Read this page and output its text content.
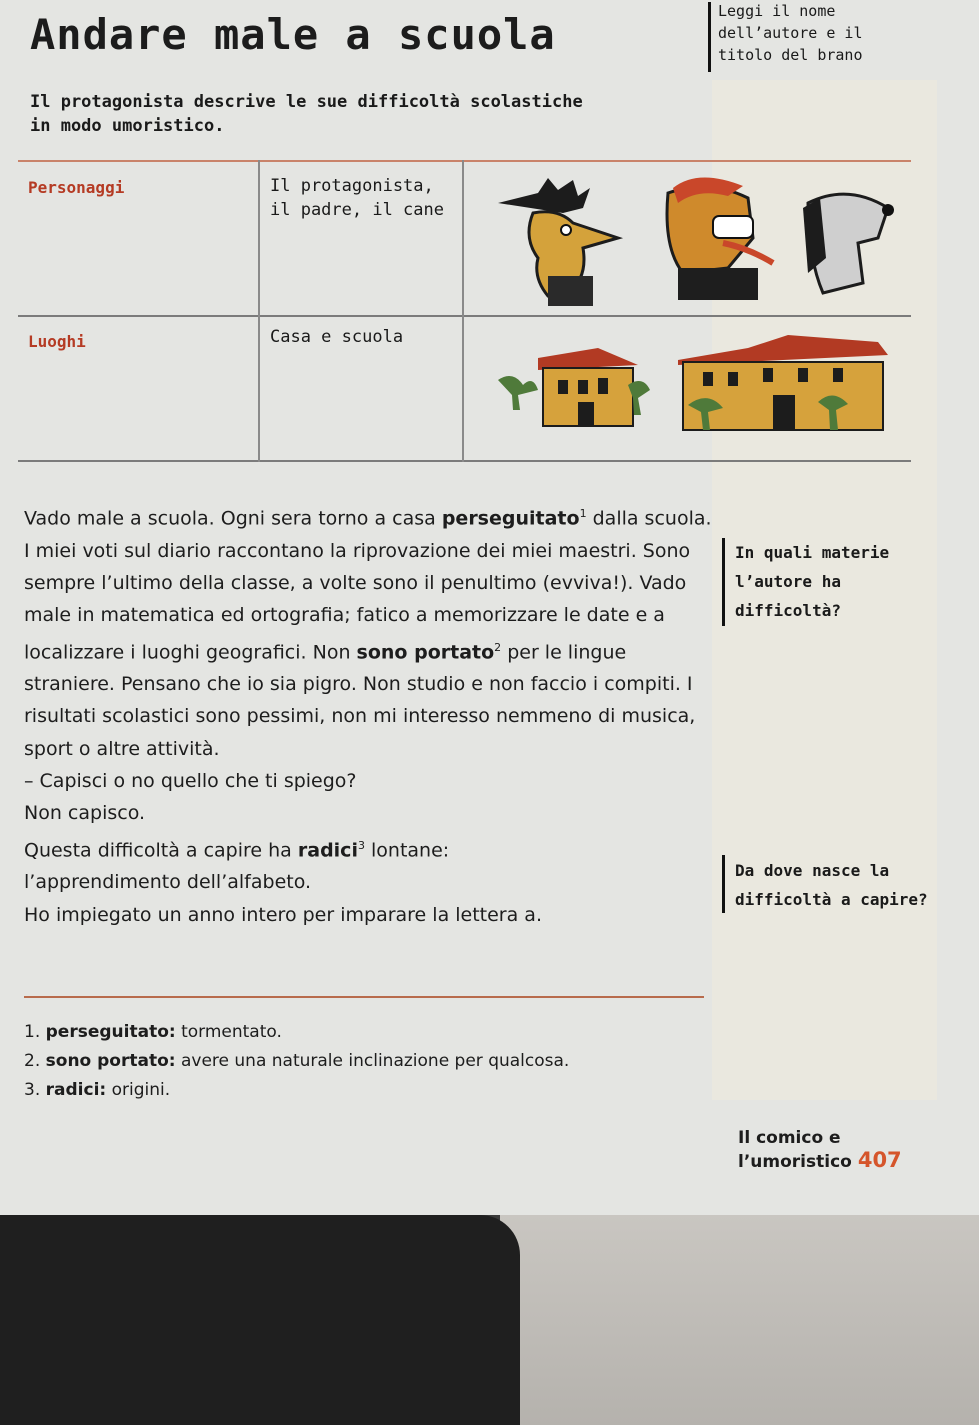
Andare male a scuola	Leggi il nome
dell’autore e il
titolo del brano
Il protagonista descrive le sue difficoltà scolastiche
in modo umoristico.
Personaggi	Il protagonista,
il padre, il cane
Luoghi	Casa e scuola

Vado male a scuola. Ogni sera torno a casa perseguitato$^1$ dalla scuola. I miei voti sul diario raccontano la riprovazione dei miei maestri. Sono sempre l’ultimo della classe, a volte sono il penultimo (evviva!). Vado male in matematica ed ortografia; fatico a memorizzare le date e a localizzare i luoghi geografici. Non sono portato$^2$ per le lingue straniere. Pensano che io sia pigro. Non studio e non faccio i compiti. I risultati scolastici sono pessimi, non mi interesso nemmeno di musica, sport o altre attività.

– Capisci o no quello che ti spiego?

Non capisco.

Questa difficoltà a capire ha radici$^3$ lontane:

l’apprendimento dell’alfabeto.

Ho impiegato un anno intero per imparare la lettera a.

In quali materie
l’autore ha
difficoltà?
Da dove nasce la
difficoltà a capire?

1. perseguitato: tormentato.

2. sono portato: avere una naturale inclinazione per qualcosa.

3. radici: origini.

Il comico e l’umoristico 407
